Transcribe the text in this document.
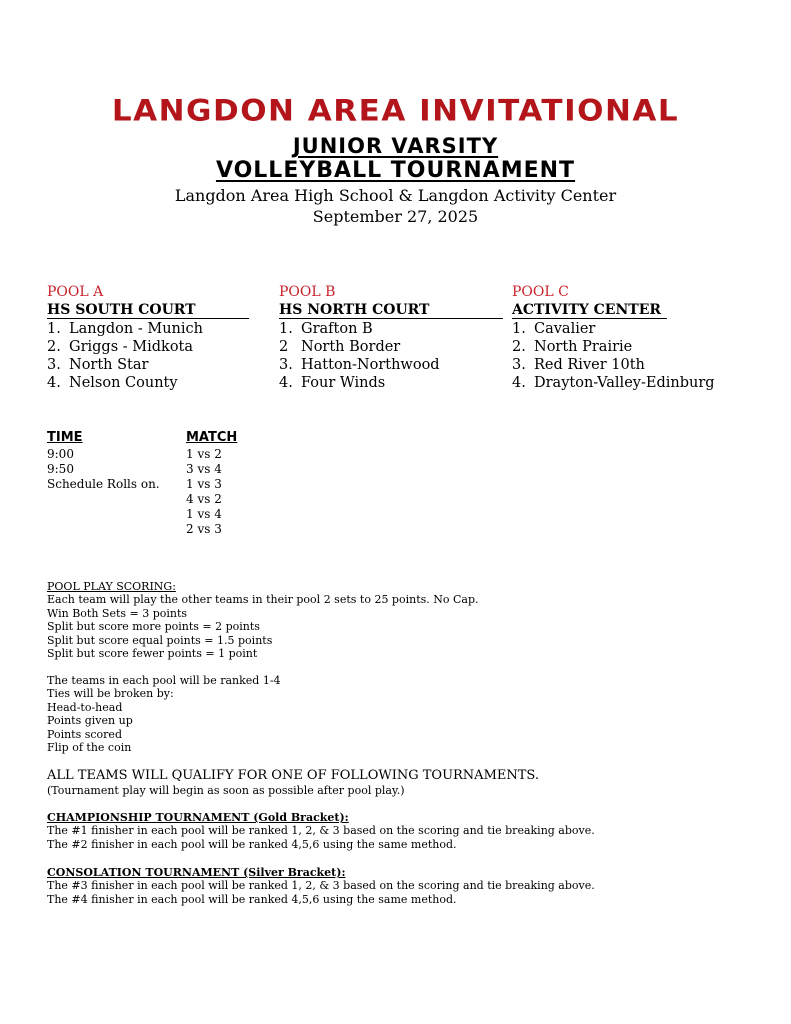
LANGDON AREA INVITATIONAL
JUNIOR VARSITY
VOLLEYBALL TOURNAMENT
Langdon Area High School & Langdon Activity Center
September 27, 2025
POOL A
HS SOUTH COURT
1. Langdon - Munich
2. Griggs - Midkota
3. North Star
4. Nelson County
POOL B
HS NORTH COURT
1. Grafton B
2 North Border
3. Hatton-Northwood
4. Four Winds
POOL C
ACTIVITY CENTER
1. Cavalier
2. North Prairie
3. Red River 10th
4. Drayton-Valley-Edinburg
TIME
9:00
9:50
Schedule Rolls on.
MATCH
1 vs 2
3 vs 4
1 vs 3
4 vs 2
1 vs 4
2 vs 3
POOL PLAY SCORING:
Each team will play the other teams in their pool 2 sets to 25 points. No Cap.
Win Both Sets = 3 points
Split but score more points = 2 points
Split but score equal points = 1.5 points
Split but score fewer points = 1 point
The teams in each pool will be ranked 1-4
Ties will be broken by:
Head-to-head
Points given up
Points scored
Flip of the coin
ALL TEAMS WILL QUALIFY FOR ONE OF FOLLOWING TOURNAMENTS.
(Tournament play will begin as soon as possible after pool play.)
CHAMPIONSHIP TOURNAMENT (Gold Bracket):
The #1 finisher in each pool will be ranked 1, 2, & 3 based on the scoring and tie breaking above.
The #2 finisher in each pool will be ranked 4,5,6 using the same method.
CONSOLATION TOURNAMENT (Silver Bracket):
The #3 finisher in each pool will be ranked 1, 2, & 3 based on the scoring and tie breaking above.
The #4 finisher in each pool will be ranked 4,5,6 using the same method.
